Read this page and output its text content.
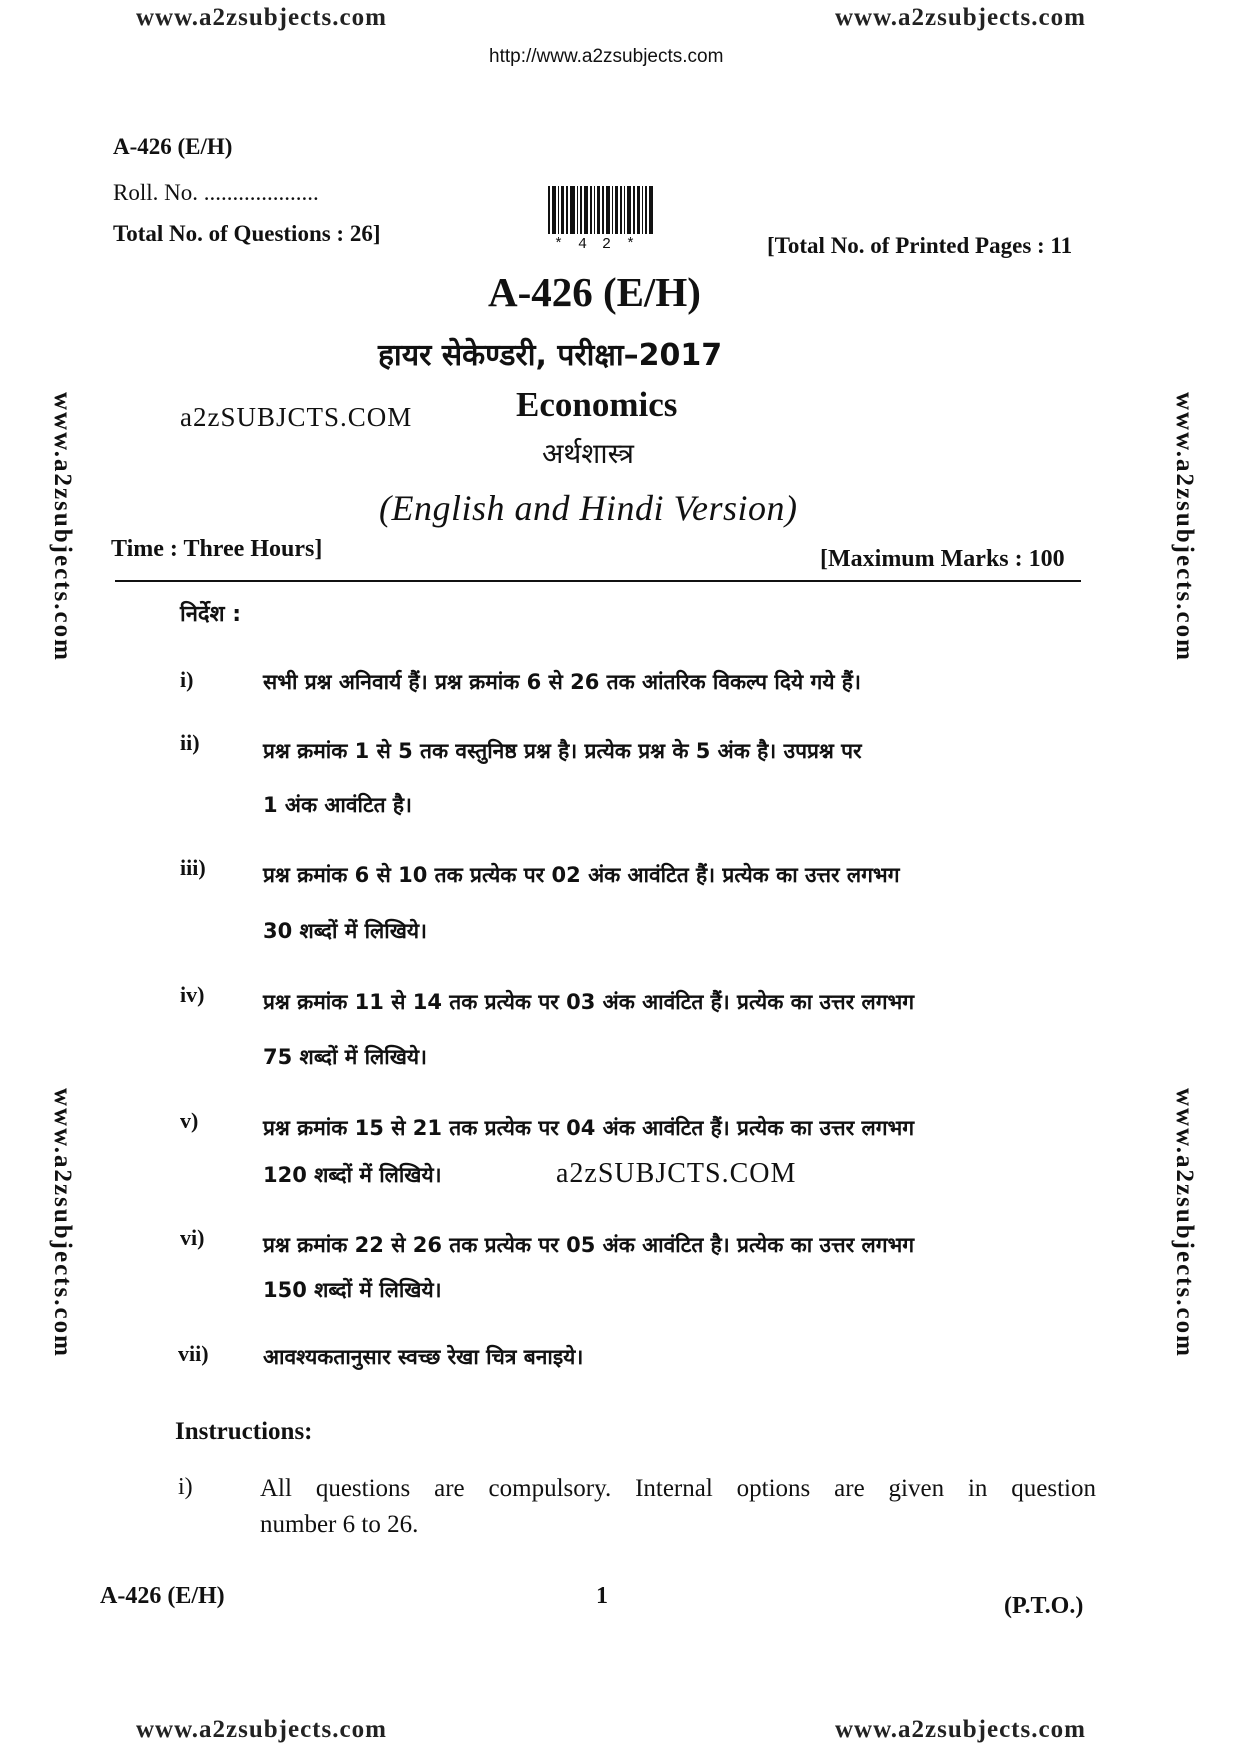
www.a2zsubjects.com	www.a2zsubjects.com
http://www.a2zsubjects.com
www.a2zsubjects.com
www.a2zsubjects.com
www.a2zsubjects.com
www.a2zsubjects.com
A-426 (E/H)
Roll. No. ....................
Total No. of Questions : 26]	* 4 2 *	[Total No. of Printed Pages : 11
A-426 (E/H)
हायर सेकेण्डरी, परीक्षा–2017
a2zSUBJCTS.COM	Economics
अर्थशास्त्र
(English and Hindi Version)
Time : Three Hours]	[Maximum Marks : 100
निर्देश :
i)	सभी प्रश्न अनिवार्य हैं। प्रश्न क्रमांक 6 से 26 तक आंतरिक विकल्प दिये गये हैं।
ii)	प्रश्न क्रमांक 1 से 5 तक वस्तुनिष्ठ प्रश्न है। प्रत्येक प्रश्न के 5 अंक है। उपप्रश्न पर
1 अंक आवंटित है।
iii)	प्रश्न क्रमांक 6 से 10 तक प्रत्येक पर 02 अंक आवंटित हैं। प्रत्येक का उत्तर लगभग
30 शब्दों में लिखिये।
iv)	प्रश्न क्रमांक 11 से 14 तक प्रत्येक पर 03 अंक आवंटित हैं। प्रत्येक का उत्तर लगभग
75 शब्दों में लिखिये।
v)	प्रश्न क्रमांक 15 से 21 तक प्रत्येक पर 04 अंक आवंटित हैं। प्रत्येक का उत्तर लगभग
120 शब्दों में लिखिये।	a2zSUBJCTS.COM
vi)	प्रश्न क्रमांक 22 से 26 तक प्रत्येक पर 05 अंक आवंटित है। प्रत्येक का उत्तर लगभग
150 शब्दों में लिखिये।
vii)	आवश्यकतानुसार स्वच्छ रेखा चित्र बनाइये।
Instructions:
i)	All questions are compulsory. Internal options are given in question
number 6 to 26.
A-426 (E/H)	1	(P.T.O.)
www.a2zsubjects.com	www.a2zsubjects.com
